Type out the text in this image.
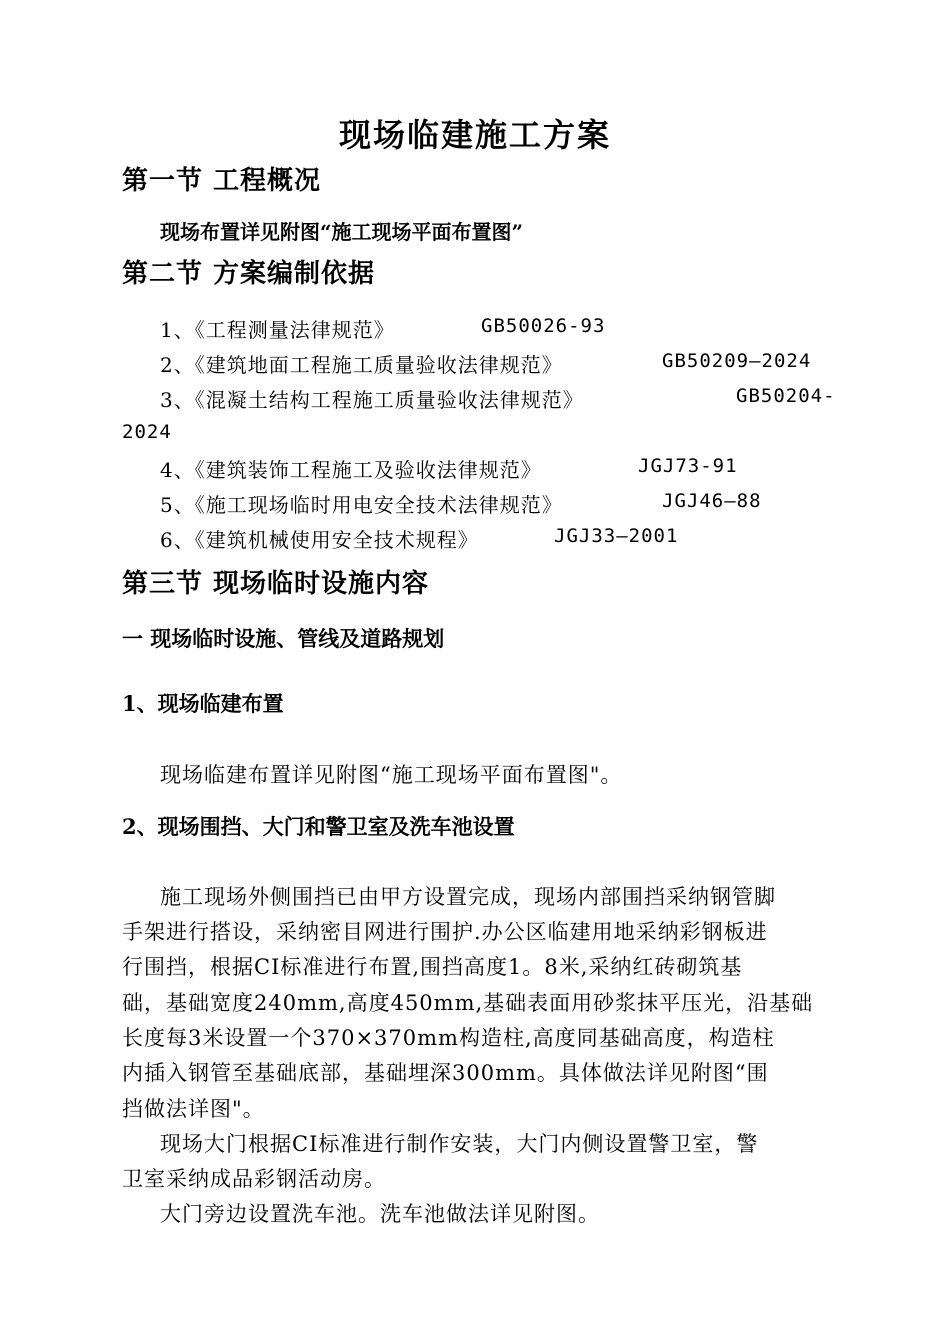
现场临建施工方案
第一节 工程概况
现场布置详见附图“施工现场平面布置图”
第二节 方案编制依据
1、《工程测量法律规范》	GB50026-93
2、《建筑地面工程施工质量验收法律规范》	GB50209—2024
3、《混凝土结构工程施工质量验收法律规范》	GB50204-
2024
4、《建筑装饰工程施工及验收法律规范》	JGJ73-91
5、《施工现场临时用电安全技术法律规范》	JGJ46—88
6、《建筑机械使用安全技术规程》	JGJ33—2001
第三节 现场临时设施内容
一 现场临时设施、管线及道路规划
1、现场临建布置
现场临建布置详见附图“施工现场平面布置图"。
2、现场围挡、大门和警卫室及洗车池设置
施工现场外侧围挡已由甲方设置完成，现场内部围挡采纳钢管脚
手架进行搭设，采纳密目网进行围护.办公区临建用地采纳彩钢板进
行围挡，根据CI标准进行布置,围挡高度1。8米,采纳红砖砌筑基
础，基础宽度240mm,高度450mm,基础表面用砂浆抹平压光，沿基础
长度每3米设置一个370×370mm构造柱,高度同基础高度，构造柱
内插入钢管至基础底部，基础埋深300mm。具体做法详见附图“围
挡做法详图"。
现场大门根据CI标准进行制作安装，大门内侧设置警卫室，警
卫室采纳成品彩钢活动房。
大门旁边设置洗车池。洗车池做法详见附图。
